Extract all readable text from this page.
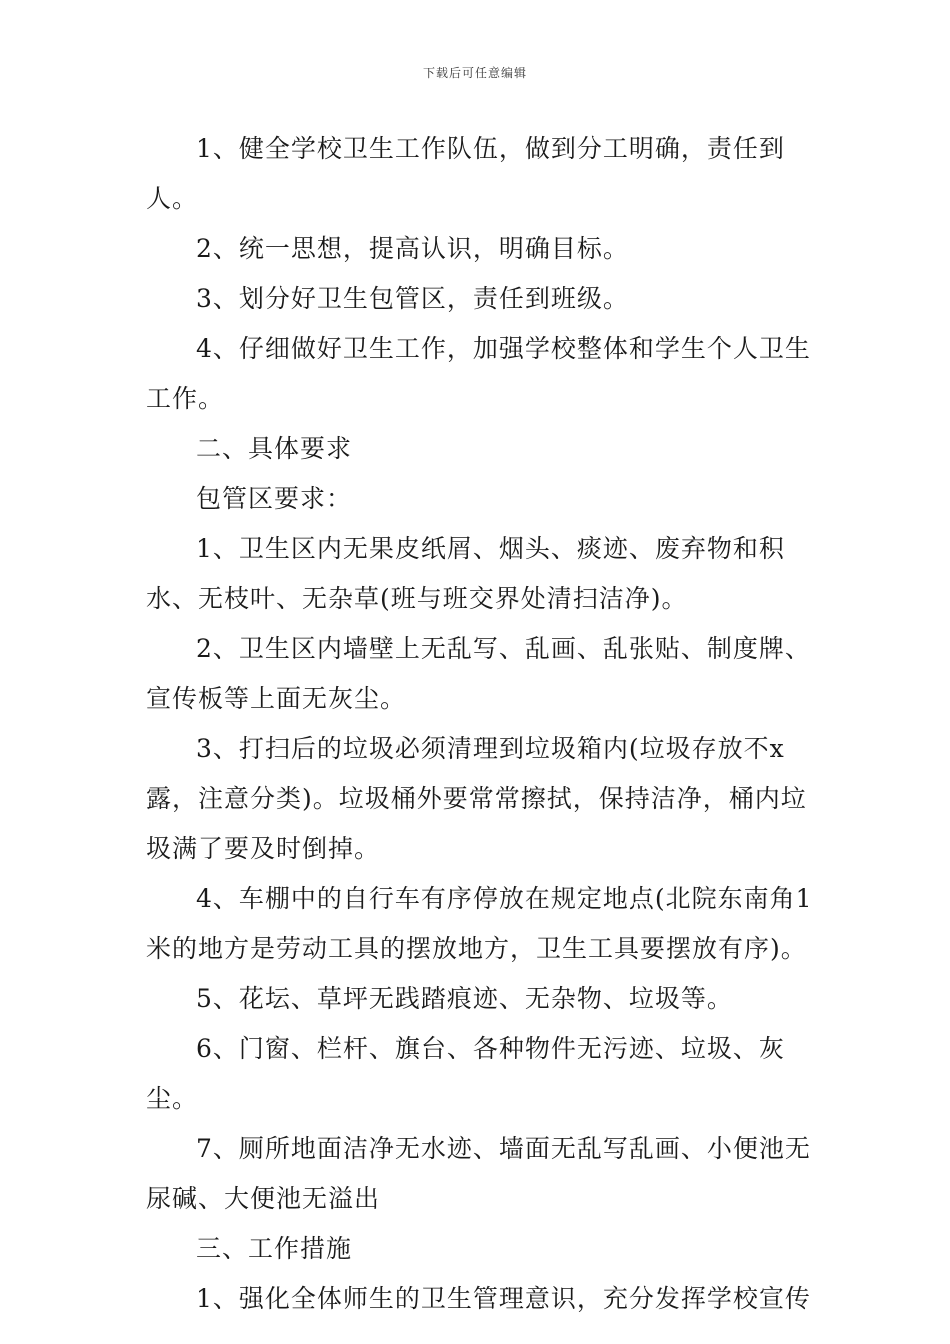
下载后可任意编辑

1、健全学校卫生工作队伍，做到分工明确，责任到人。

2、统一思想，提高认识，明确目标。

3、划分好卫生包管区，责任到班级。

4、仔细做好卫生工作，加强学校整体和学生个人卫生工作。

二、具体要求

包管区要求：

1、卫生区内无果皮纸屑、烟头、痰迹、废弃物和积水、无枝叶、无杂草(班与班交界处清扫洁净)。

2、卫生区内墙壁上无乱写、乱画、乱张贴、制度牌、宣传板等上面无灰尘。

3、打扫后的垃圾必须清理到垃圾箱内(垃圾存放不x露，注意分类)。垃圾桶外要常常擦拭，保持洁净，桶内垃圾满了要及时倒掉。

4、车棚中的自行车有序停放在规定地点(北院东南角1米的地方是劳动工具的摆放地方，卫生工具要摆放有序)。

5、花坛、草坪无践踏痕迹、无杂物、垃圾等。

6、门窗、栏杆、旗台、各种物件无污迹、垃圾、灰尘。

7、厕所地面洁净无水迹、墙面无乱写乱画、小便池无尿碱、大便池无溢出

三、工作措施

1、强化全体师生的卫生管理意识，充分发挥学校宣传
